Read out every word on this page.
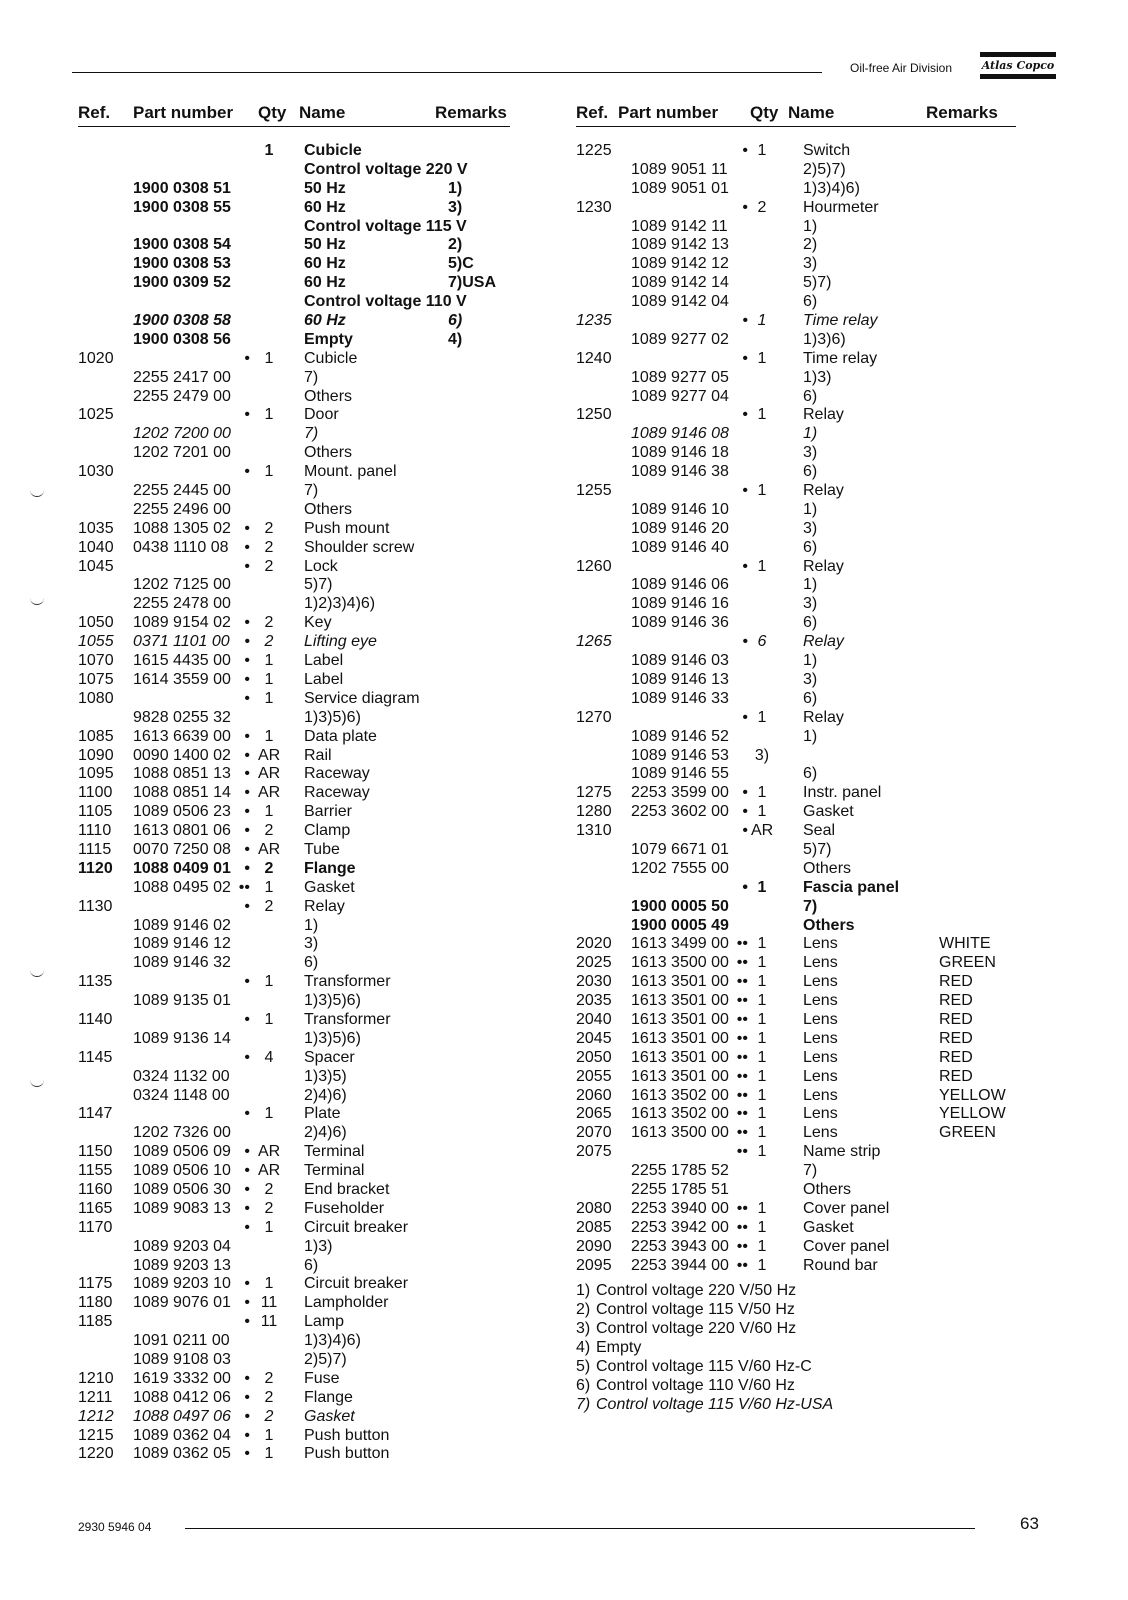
Oil-free Air Division	Atlas Copco
Ref. Part number Qty Name	Remarks
1	Cubicle
Control voltage 220 V
1900 0308 51	50 Hz	1)
1900 0308 55	60 Hz	3)
Control voltage 115 V
1900 0308 54	50 Hz	2)
1900 0308 53	60 Hz	5)C
1900 0309 52	60 Hz	7)USA
Control voltage 110 V
1900 0308 58	60 Hz	6)
1900 0308 56	Empty	4)
1020	• 1	Cubicle
2255 2417 00	7)
2255 2479 00	Others
1025	• 1	Door
1202 7200 00	7)
1202 7201 00	Others
1030	• 1	Mount. panel
2255 2445 00	7)
2255 2496 00	Others
1035 1088 1305 02 • 2	Push mount
1040 0438 1110 08 • 2	Shoulder screw
1045	• 2	Lock
1202 7125 00	5)7)
2255 2478 00	1)2)3)4)6)
1050 1089 9154 02 • 2	Key
1055 0371 1101 00 • 2	Lifting eye
1070 1615 4435 00 • 1	Label
1075 1614 3559 00 • 1	Label
1080	• 1	Service diagram
9828 0255 32	1)3)5)6)
1085 1613 6639 00 • 1	Data plate
1090 0090 1400 02 • AR Rail
1095 1088 0851 13 • AR Raceway
1100 1088 0851 14 • AR Raceway
1105 1089 0506 23 • 1	Barrier
1110 1613 0801 06 • 2	Clamp
1115 0070 7250 08 • AR Tube
1120 1088 0409 01 • 2	Flange
1088 0495 02 •• 1	Gasket
1130	• 2	Relay
1089 9146 02	1)
1089 9146 12	3)
1089 9146 32	6)
1135	• 1	Transformer
1089 9135 01	1)3)5)6)
1140	• 1	Transformer
1089 9136 14	1)3)5)6)
1145	• 4	Spacer
0324 1132 00	1)3)5)
0324 1148 00	2)4)6)
1147	• 1	Plate
1202 7326 00	2)4)6)
1150 1089 0506 09 • AR Terminal
1155 1089 0506 10 • AR Terminal
1160 1089 0506 30 • 2	End bracket
1165 1089 9083 13 • 2	Fuseholder
1170	• 1	Circuit breaker
1089 9203 04	1)3)
1089 9203 13	6)
1175 1089 9203 10 • 1	Circuit breaker
1180 1089 9076 01 • 11 Lampholder
1185	• 11 Lamp
1091 0211 00	1)3)4)6)
1089 9108 03	2)5)7)
1210 1619 3332 00 • 2	Fuse
1211 1088 0412 06 • 2	Flange
1212 1088 0497 06 • 2	Gasket
1215 1089 0362 04 • 1	Push button
1220 1089 0362 05 • 1	Push button
Ref. Part number Qty Name	Remarks
1225	• 1	Switch
1089 9051 11	2)5)7)
1089 9051 01	1)3)4)6)
1230	• 2	Hourmeter
1089 9142 11	1)
1089 9142 13	2)
1089 9142 12	3)
1089 9142 14	5)7)
1089 9142 04	6)
1235	• 1	Time relay
1089 9277 02	1)3)6)
1240	• 1	Time relay
1089 9277 05	1)3)
1089 9277 04	6)
1250	• 1	Relay
1089 9146 08	1)
1089 9146 18	3)
1089 9146 38	6)
1255	• 1	Relay
1089 9146 10	1)
1089 9146 20	3)
1089 9146 40	6)
1260	• 1	Relay
1089 9146 06	1)
1089 9146 16	3)
1089 9146 36	6)
1265	• 6	Relay
1089 9146 03	1)
1089 9146 13	3)
1089 9146 33	6)
1270	• 1	Relay
1089 9146 52	1)
1089 9146 53 3)
1089 9146 55	6)
1275 2253 3599 00 • 1	Instr. panel
1280 2253 3602 00 • 1	Gasket
1310	• AR Seal
1079 6671 01	5)7)
1202 7555 00	Others
• 1	Fascia panel
1900 0005 50	7)
1900 0005 49	Others
2020 1613 3499 00 •• 1	Lens	WHITE
2025 1613 3500 00 •• 1	Lens	GREEN
2030 1613 3501 00 •• 1	Lens	RED
2035 1613 3501 00 •• 1	Lens	RED
2040 1613 3501 00 •• 1	Lens	RED
2045 1613 3501 00 •• 1	Lens	RED
2050 1613 3501 00 •• 1	Lens	RED
2055 1613 3501 00 •• 1	Lens	RED
2060 1613 3502 00 •• 1	Lens	YELLOW
2065 1613 3502 00 •• 1	Lens	YELLOW
2070 1613 3500 00 •• 1	Lens	GREEN
2075	•• 1	Name strip
2255 1785 52	7)
2255 1785 51	Others
2080 2253 3940 00 •• 1	Cover panel
2085 2253 3942 00 •• 1	Gasket
2090 2253 3943 00 •• 1	Cover panel
2095 2253 3944 00 •• 1	Round bar
1) Control voltage 220 V/50 Hz
2) Control voltage 115 V/50 Hz
3) Control voltage 220 V/60 Hz
4) Empty
5) Control voltage 115 V/60 Hz-C
6) Control voltage 110 V/60 Hz
7) Control voltage 115 V/60 Hz-USA
2930 5946 04	63
